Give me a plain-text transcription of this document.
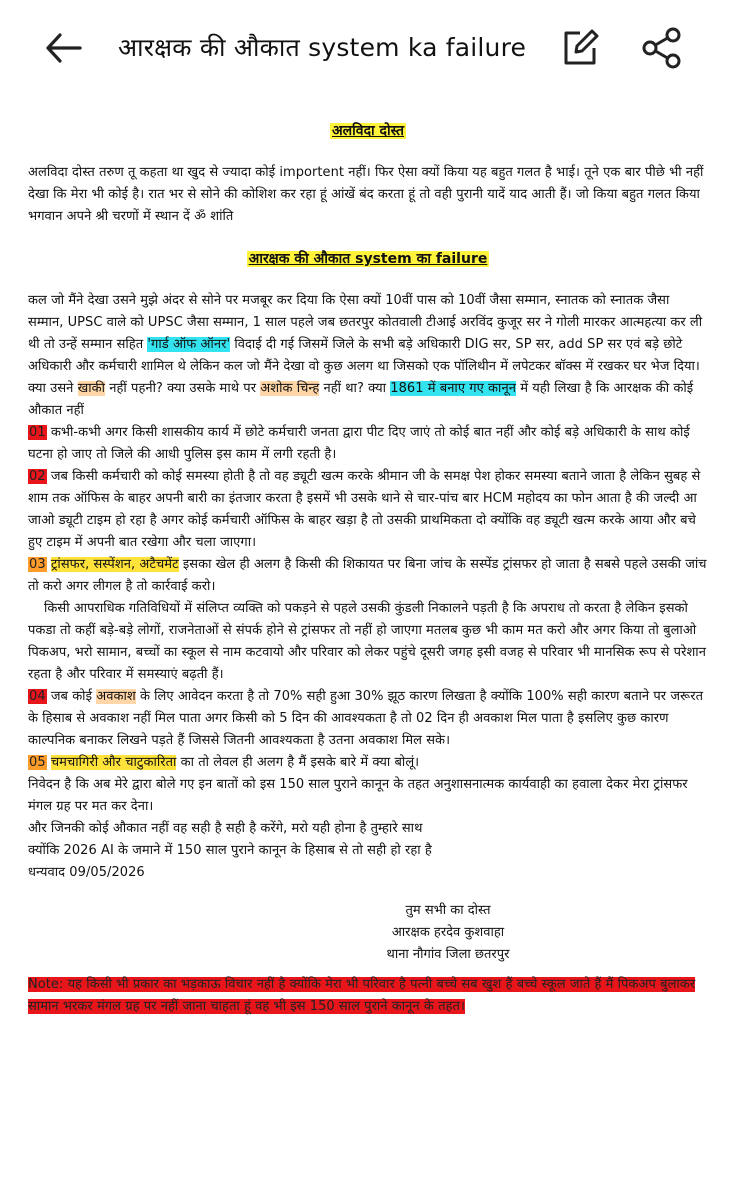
आरक्षक की औकात system ka failure
अलविदा दोस्त

अलविदा दोस्त तरुण तू कहता था खुद से ज्यादा कोई importent नहीं। फिर ऐसा क्यों किया यह बहुत गलत है भाई। तूने एक बार पीछे भी नहीं देखा कि मेरा भी कोई है। रात भर से सोने की कोशिश कर रहा हूं आंखें बंद करता हूं तो वही पुरानी यादें याद आती हैं। जो किया बहुत गलत किया भगवान अपने श्री चरणों में स्थान दें ॐ शांति

आरक्षक की औकात system का failure

कल जो मैंने देखा उसने मुझे अंदर से सोने पर मजबूर कर दिया कि ऐसा क्यों 10वीं पास को 10वीं जैसा सम्मान, स्नातक को स्नातक जैसा सम्मान, UPSC वाले को UPSC जैसा सम्मान, 1 साल पहले जब छतरपुर कोतवाली टीआई अरविंद कुजूर सर ने गोली मारकर आत्महत्या कर ली थी तो उन्हें सम्मान सहित 'गार्ड ऑफ ऑनर' विदाई दी गई जिसमें जिले के सभी बड़े अधिकारी DIG सर, SP सर, add SP सर एवं बड़े छोटे अधिकारी और कर्मचारी शामिल थे लेकिन कल जो मैंने देखा वो कुछ अलग था जिसको एक पॉलिथीन में लपेटकर बॉक्स में रखकर घर भेज दिया। क्या उसने खाकी नहीं पहनी? क्या उसके माथे पर अशोक चिन्ह नहीं था? क्या 1861 में बनाए गए कानून में यही लिखा है कि आरक्षक की कोई औकात नहीं

01 कभी-कभी अगर किसी शासकीय कार्य में छोटे कर्मचारी जनता द्वारा पीट दिए जाएं तो कोई बात नहीं और कोई बड़े अधिकारी के साथ कोई घटना हो जाए तो जिले की आधी पुलिस इस काम में लगी रहती है।

02 जब किसी कर्मचारी को कोई समस्या होती है तो वह ड्यूटी खत्म करके श्रीमान जी के समक्ष पेश होकर समस्या बताने जाता है लेकिन सुबह से शाम तक ऑफिस के बाहर अपनी बारी का इंतजार करता है इसमें भी उसके थाने से चार-पांच बार HCM महोदय का फोन आता है की जल्दी आ जाओ ड्यूटी टाइम हो रहा है अगर कोई कर्मचारी ऑफिस के बाहर खड़ा है तो उसकी प्राथमिकता दो क्योंकि वह ड्यूटी खत्म करके आया और बचे हुए टाइम में अपनी बात रखेगा और चला जाएगा।

03 ट्रांसफर, सस्पेंशन, अटैचमेंट इसका खेल ही अलग है किसी की शिकायत पर बिना जांच के सस्पेंड ट्रांसफर हो जाता है सबसे पहले उसकी जांच तो करो अगर लीगल है तो कार्रवाई करो।

किसी आपराधिक गतिविधियों में संलिप्त व्यक्ति को पकड़ने से पहले उसकी कुंडली निकालने पड़ती है कि अपराध तो करता है लेकिन इसको पकडा तो कहीं बड़े-बड़े लोगों, राजनेताओं से संपर्क होने से ट्रांसफर तो नहीं हो जाएगा मतलब कुछ भी काम मत करो और अगर किया तो बुलाओ पिकअप, भरो सामान, बच्चों का स्कूल से नाम कटवायो और परिवार को लेकर पहुंचे दूसरी जगह इसी वजह से परिवार भी मानसिक रूप से परेशान रहता है और परिवार में समस्याएं बढ़ती हैं।

04 जब कोई अवकाश के लिए आवेदन करता है तो 70% सही हुआ 30% झूठ कारण लिखता है क्योंकि 100% सही कारण बताने पर जरूरत के हिसाब से अवकाश नहीं मिल पाता अगर किसी को 5 दिन की आवश्यकता है तो 02 दिन ही अवकाश मिल पाता है इसलिए कुछ कारण काल्पनिक बनाकर लिखने पड़ते हैं जिससे जितनी आवश्यकता है उतना अवकाश मिल सके।

05 चमचागिरी और चाटुकारिता का तो लेवल ही अलग है मैं इसके बारे में क्या बोलूं।

निवेदन है कि अब मेरे द्वारा बोले गए इन बातों को इस 150 साल पुराने कानून के तहत अनुशासनात्मक कार्यवाही का हवाला देकर मेरा ट्रांसफर मंगल ग्रह पर मत कर देना।

और जिनकी कोई औकात नहीं वह सही है सही है करेंगे, मरो यही होना है तुम्हारे साथ

क्योंकि 2026 AI के जमाने में 150 साल पुराने कानून के हिसाब से तो सही हो रहा है

धन्यवाद 09/05/2026

तुम सभी का दोस्त
आरक्षक हरदेव कुशवाहा
थाना नौगांव जिला छतरपुर

Note: यह किसी भी प्रकार का भड़काऊ विचार नहीं है क्योंकि मेरा भी परिवार है पत्नी बच्चे सब खुश हैं बच्चे स्कूल जाते हैं मैं पिकअप बुलाकर सामान भरकर मंगल ग्रह पर नहीं जाना चाहता हूं वह भी इस 150 साल पुराने कानून के तहत।
